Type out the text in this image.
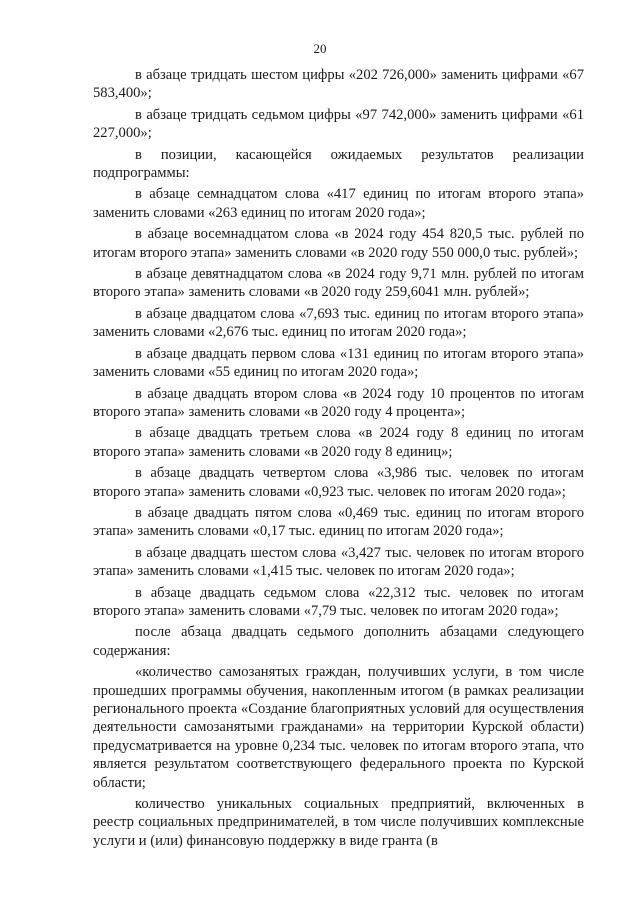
20

в абзаце тридцать шестом цифры «202 726,000» заменить цифрами «67 583,400»;

в абзаце тридцать седьмом цифры «97 742,000» заменить цифрами «61 227,000»;

в позиции, касающейся ожидаемых результатов реализации подпрограммы:

в абзаце семнадцатом слова «417 единиц по итогам второго этапа» заменить словами «263 единиц по итогам 2020 года»;

в абзаце восемнадцатом слова «в 2024 году 454 820,5 тыс. рублей по итогам второго этапа» заменить словами «в 2020 году 550 000,0 тыс. рублей»;

в абзаце девятнадцатом слова «в 2024 году 9,71 млн. рублей по итогам второго этапа» заменить словами «в 2020 году 259,6041 млн. рублей»;

в абзаце двадцатом слова «7,693 тыс. единиц по итогам второго этапа» заменить словами «2,676 тыс. единиц по итогам 2020 года»;

в абзаце двадцать первом слова «131 единиц по итогам второго этапа» заменить словами «55 единиц по итогам 2020 года»;

в абзаце двадцать втором слова «в 2024 году 10 процентов по итогам второго этапа» заменить словами «в 2020 году 4 процента»;

в абзаце двадцать третьем слова «в 2024 году 8 единиц по итогам второго этапа» заменить словами «в 2020 году 8 единиц»;

в абзаце двадцать четвертом слова «3,986 тыс. человек по итогам второго этапа» заменить словами «0,923 тыс. человек по итогам 2020 года»;

в абзаце двадцать пятом слова «0,469 тыс. единиц по итогам второго этапа» заменить словами «0,17 тыс. единиц по итогам 2020 года»;

в абзаце двадцать шестом слова «3,427 тыс. человек по итогам второго этапа» заменить словами «1,415 тыс. человек по итогам 2020 года»;

в абзаце двадцать седьмом слова «22,312 тыс. человек по итогам второго этапа» заменить словами «7,79 тыс. человек по итогам 2020 года»;

после абзаца двадцать седьмого дополнить абзацами следующего содержания:

«количество самозанятых граждан, получивших услуги, в том числе прошедших программы обучения, накопленным итогом (в рамках реализации регионального проекта «Создание благоприятных условий для осуществления деятельности самозанятыми гражданами» на территории Курской области) предусматривается на уровне 0,234 тыс. человек по итогам второго этапа, что является результатом соответствующего федерального проекта по Курской области;

количество уникальных социальных предприятий, включенных в реестр социальных предпринимателей, в том числе получивших комплексные услуги и (или) финансовую поддержку в виде гранта (в
